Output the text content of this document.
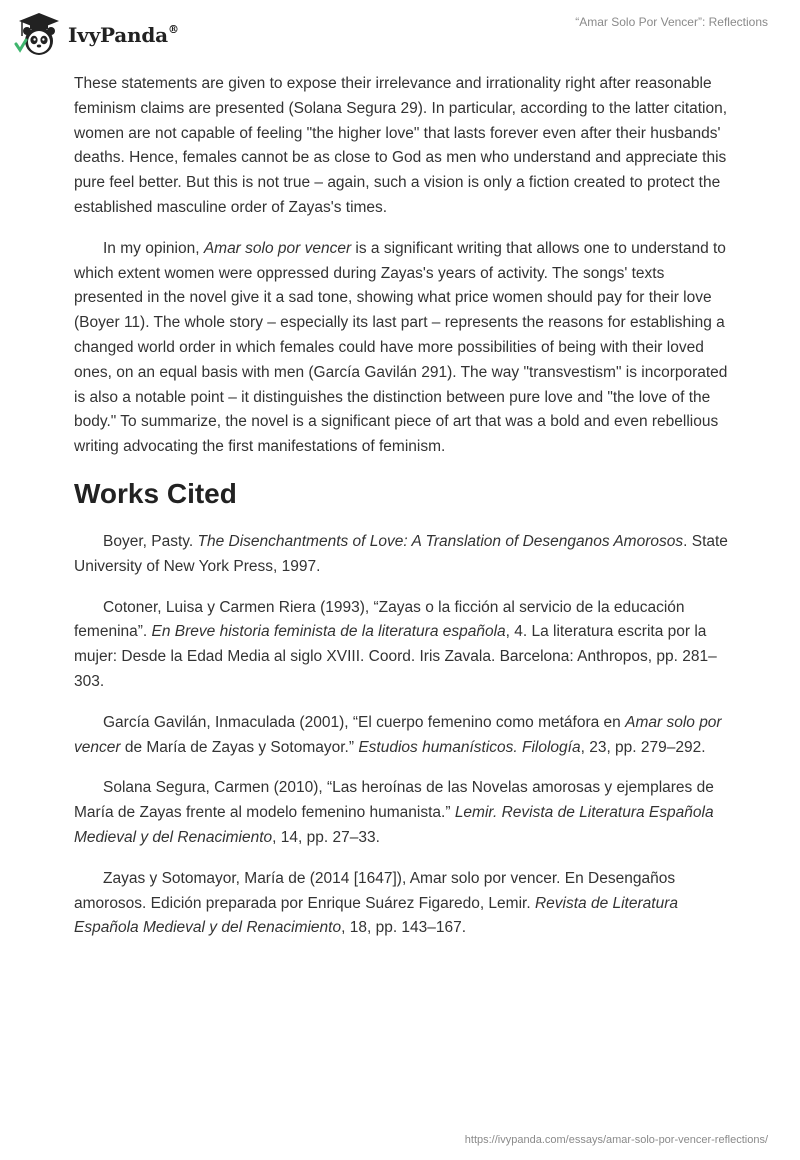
IvyPanda®
“Amar Solo Por Vencer”: Reflections

These statements are given to expose their irrelevance and irrationality right after reasonable feminism claims are presented (Solana Segura 29). In particular, according to the latter citation, women are not capable of feeling "the higher love" that lasts forever even after their husbands' deaths. Hence, females cannot be as close to God as men who understand and appreciate this pure feel better. But this is not true – again, such a vision is only a fiction created to protect the established masculine order of Zayas's times.

In my opinion, Amar solo por vencer is a significant writing that allows one to understand to which extent women were oppressed during Zayas's years of activity. The songs' texts presented in the novel give it a sad tone, showing what price women should pay for their love (Boyer 11). The whole story – especially its last part – represents the reasons for establishing a changed world order in which females could have more possibilities of being with their loved ones, on an equal basis with men (García Gavilán 291). The way "transvestism" is incorporated is also a notable point – it distinguishes the distinction between pure love and "the love of the body." To summarize, the novel is a significant piece of art that was a bold and even rebellious writing advocating the first manifestations of feminism.

Works Cited

Boyer, Pasty. The Disenchantments of Love: A Translation of Desenganos Amorosos. State University of New York Press, 1997.

Cotoner, Luisa y Carmen Riera (1993), “Zayas o la ficción al servicio de la educación femenina”. En Breve historia feminista de la literatura española, 4. La literatura escrita por la mujer: Desde la Edad Media al siglo XVIII. Coord. Iris Zavala. Barcelona: Anthropos, pp. 281–303.

García Gavilán, Inmaculada (2001), “El cuerpo femenino como metáfora en Amar solo por vencer de María de Zayas y Sotomayor.” Estudios humanísticos. Filología, 23, pp. 279–292.

Solana Segura, Carmen (2010), “Las heroínas de las Novelas amorosas y ejemplares de María de Zayas frente al modelo femenino humanista.” Lemir. Revista de Literatura Española Medieval y del Renacimiento, 14, pp. 27–33.

Zayas y Sotomayor, María de (2014 [1647]), Amar solo por vencer. En Desengaños amorosos. Edición preparada por Enrique Suárez Figaredo, Lemir. Revista de Literatura Española Medieval y del Renacimiento, 18, pp. 143–167.

https://ivypanda.com/essays/amar-solo-por-vencer-reflections/
